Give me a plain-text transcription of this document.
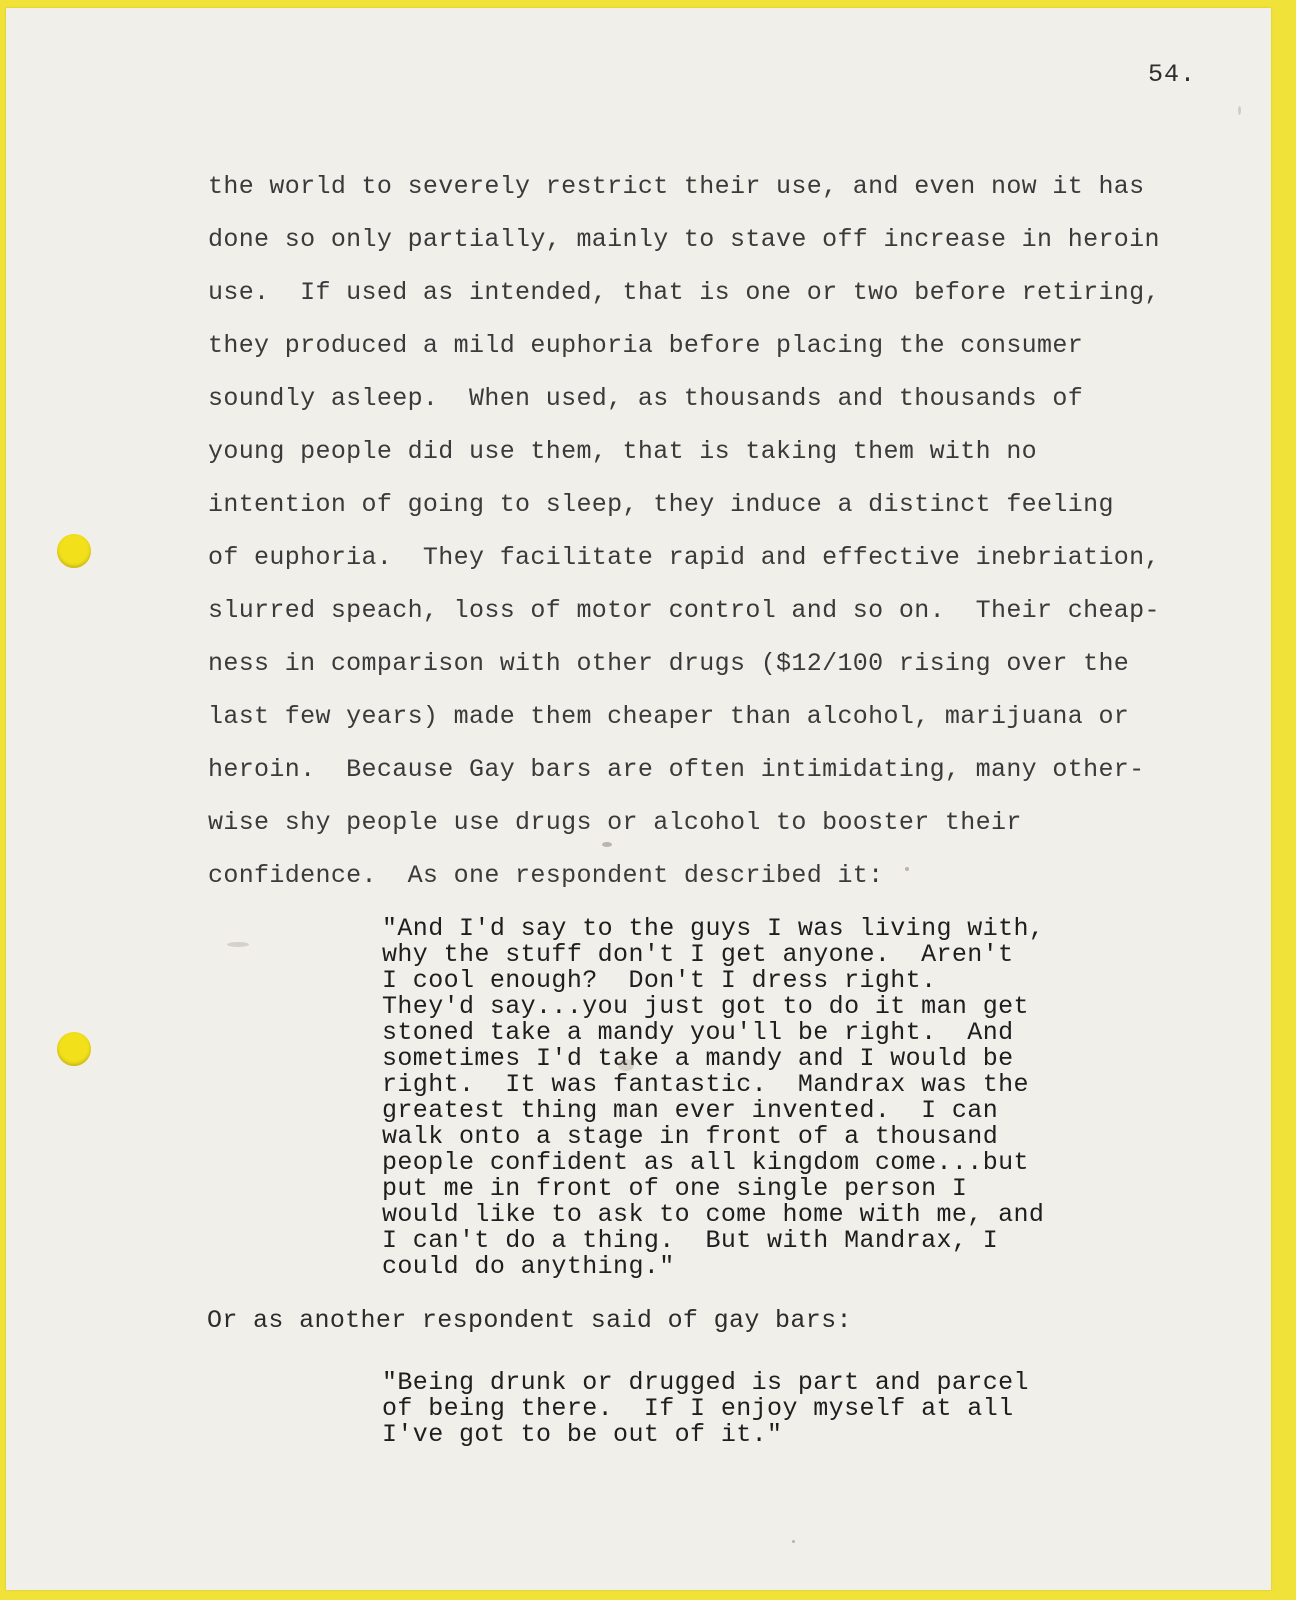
54.
the world to severely restrict their use, and even now it has
done so only partially, mainly to stave off increase in heroin
use.  If used as intended, that is one or two before retiring,
they produced a mild euphoria before placing the consumer
soundly asleep.  When used, as thousands and thousands of
young people did use them, that is taking them with no
intention of going to sleep, they induce a distinct feeling
of euphoria.  They facilitate rapid and effective inebriation,
slurred speach, loss of motor control and so on.  Their cheap-
ness in comparison with other drugs ($12/100 rising over the
last few years) made them cheaper than alcohol, marijuana or
heroin.  Because Gay bars are often intimidating, many other-
wise shy people use drugs or alcohol to booster their
confidence.  As one respondent described it:
"And I'd say to the guys I was living with,
why the stuff don't I get anyone.  Aren't
I cool enough?  Don't I dress right.
They'd say...you just got to do it man get
stoned take a mandy you'll be right.  And
sometimes I'd take a mandy and I would be
right.  It was fantastic.  Mandrax was the
greatest thing man ever invented.  I can
walk onto a stage in front of a thousand
people confident as all kingdom come...but
put me in front of one single person I
would like to ask to come home with me, and
I can't do a thing.  But with Mandrax, I
could do anything."
Or as another respondent said of gay bars:
"Being drunk or drugged is part and parcel
of being there.  If I enjoy myself at all
I've got to be out of it."
